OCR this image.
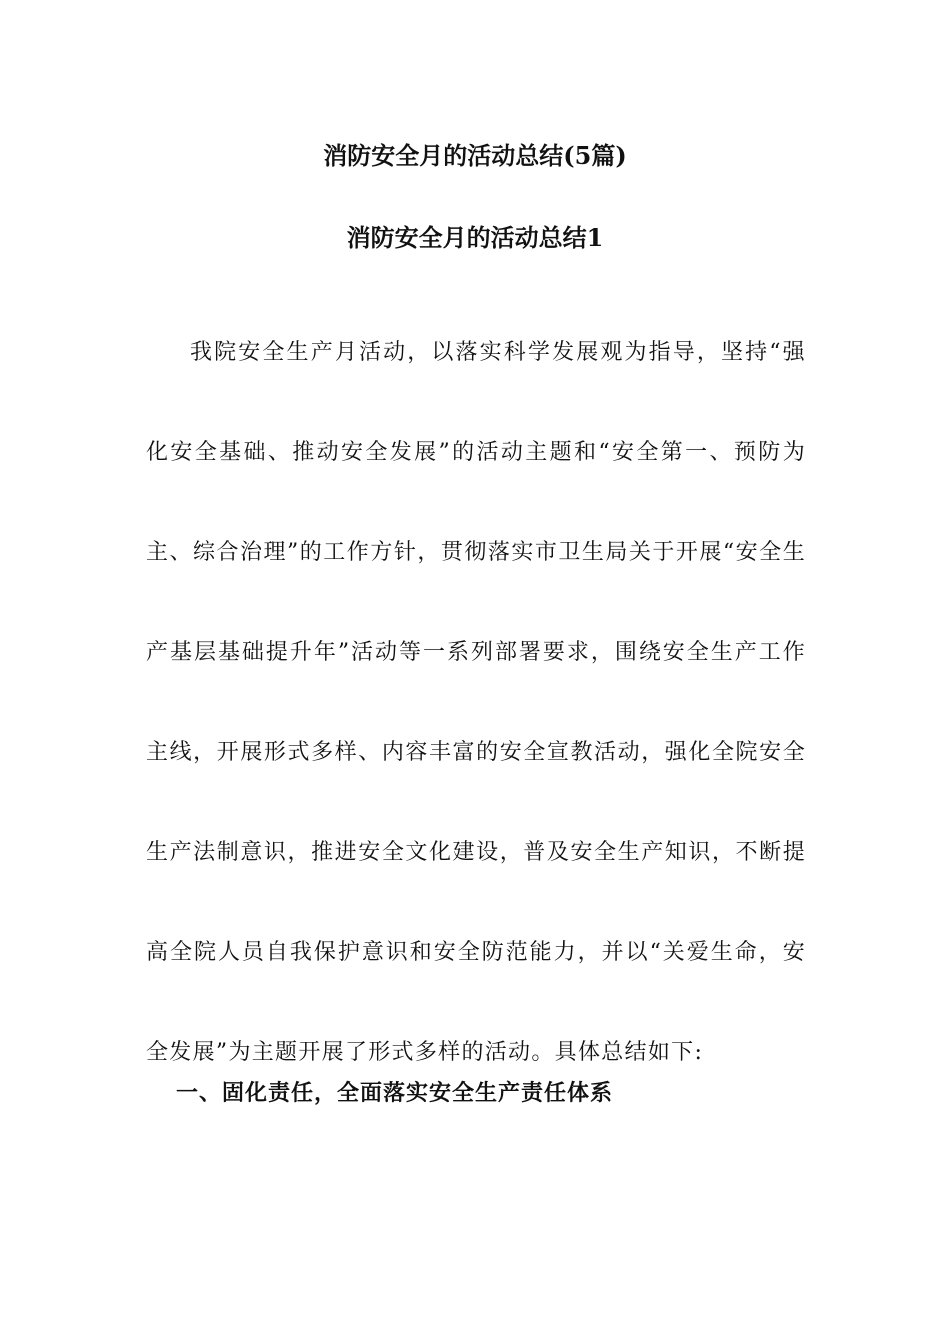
消防安全月的活动总结(5篇)
消防安全月的活动总结1

我院安全生产月活动，以落实科学发展观为指导，坚持“强化安全基础、推动安全发展”的活动主题和“安全第一、预防为主、综合治理”的工作方针，贯彻落实市卫生局关于开展“安全生产基层基础提升年”活动等一系列部署要求，围绕安全生产工作主线，开展形式多样、内容丰富的安全宣教活动，强化全院安全生产法制意识，推进安全文化建设，普及安全生产知识，不断提高全院人员自我保护意识和安全防范能力，并以“关爱生命，安全发展”为主题开展了形式多样的活动。具体总结如下:

一、固化责任，全面落实安全生产责任体系
